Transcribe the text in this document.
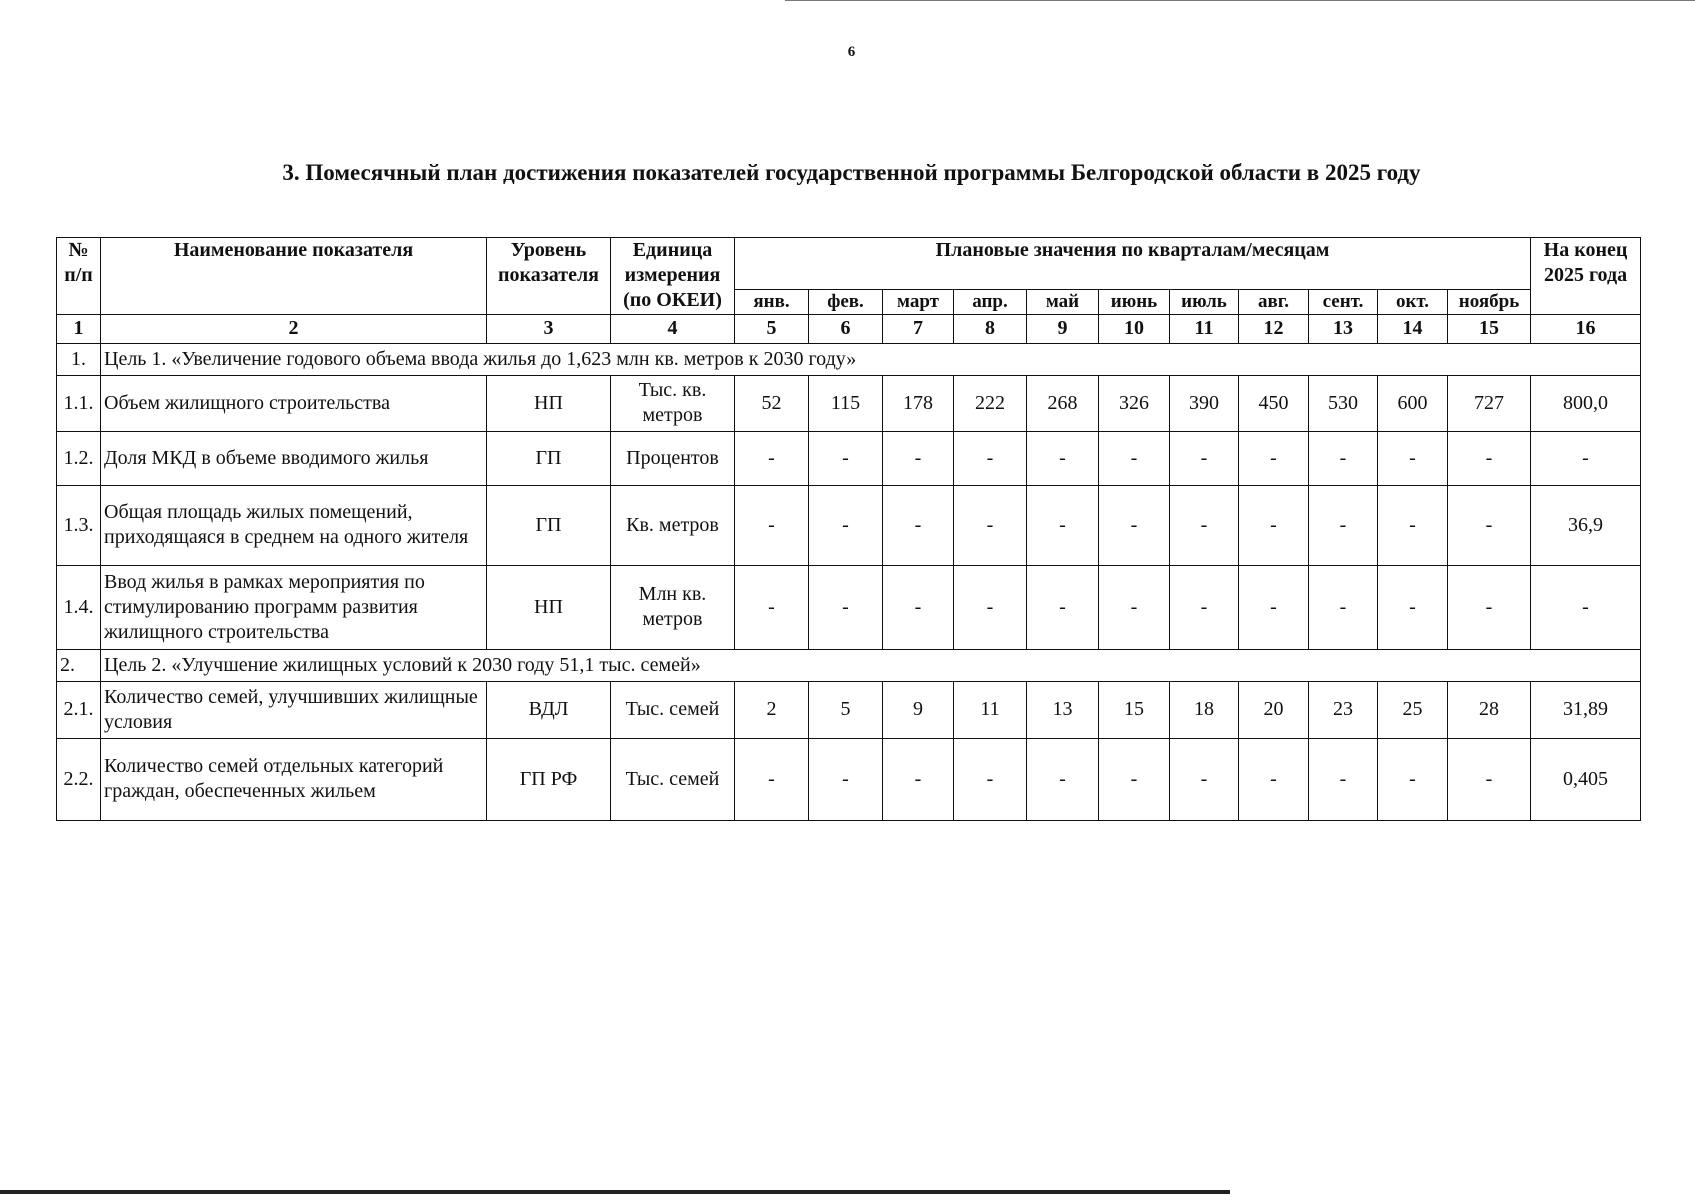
6
3. Помесячный план достижения показателей государственной программы Белгородской области в 2025 году
№ п/п	Наименование показателя	Уровень показателя	Единица измерения (по ОКЕИ)	Плановые значения по кварталам/месяцам											На конец 2025 года
				янв.	фев.	март	апр.	май	июнь	июль	авг.	сент.	окт.	ноябрь	
1	2	3	4	5	6	7	8	9	10	11	12	13	14	15	16
1.	Цель 1. «Увеличение годового объема ввода жилья до 1,623 млн кв. метров к 2030 году»														
1.1.	Объем жилищного строительства	НП	Тыс. кв. метров	52	115	178	222	268	326	390	450	530	600	727	800,0
1.2.	Доля МКД в объеме вводимого жилья	ГП	Процентов	-	-	-	-	-	-	-	-	-	-	-	-
1.3.	Общая площадь жилых помещений, приходящаяся в среднем на одного жителя	ГП	Кв. метров	-	-	-	-	-	-	-	-	-	-	-	36,9
1.4.	Ввод жилья в рамках мероприятия по стимулированию программ развития жилищного строительства	НП	Млн кв. метров	-	-	-	-	-	-	-	-	-	-	-	-
2.	Цель 2. «Улучшение жилищных условий к 2030 году 51,1 тыс. семей»														
2.1.	Количество семей, улучшивших жилищные условия	ВДЛ	Тыс. семей	2	5	9	11	13	15	18	20	23	25	28	31,89
2.2.	Количество семей отдельных категорий граждан, обеспеченных жильем	ГП РФ	Тыс. семей	-	-	-	-	-	-	-	-	-	-	-	0,405
